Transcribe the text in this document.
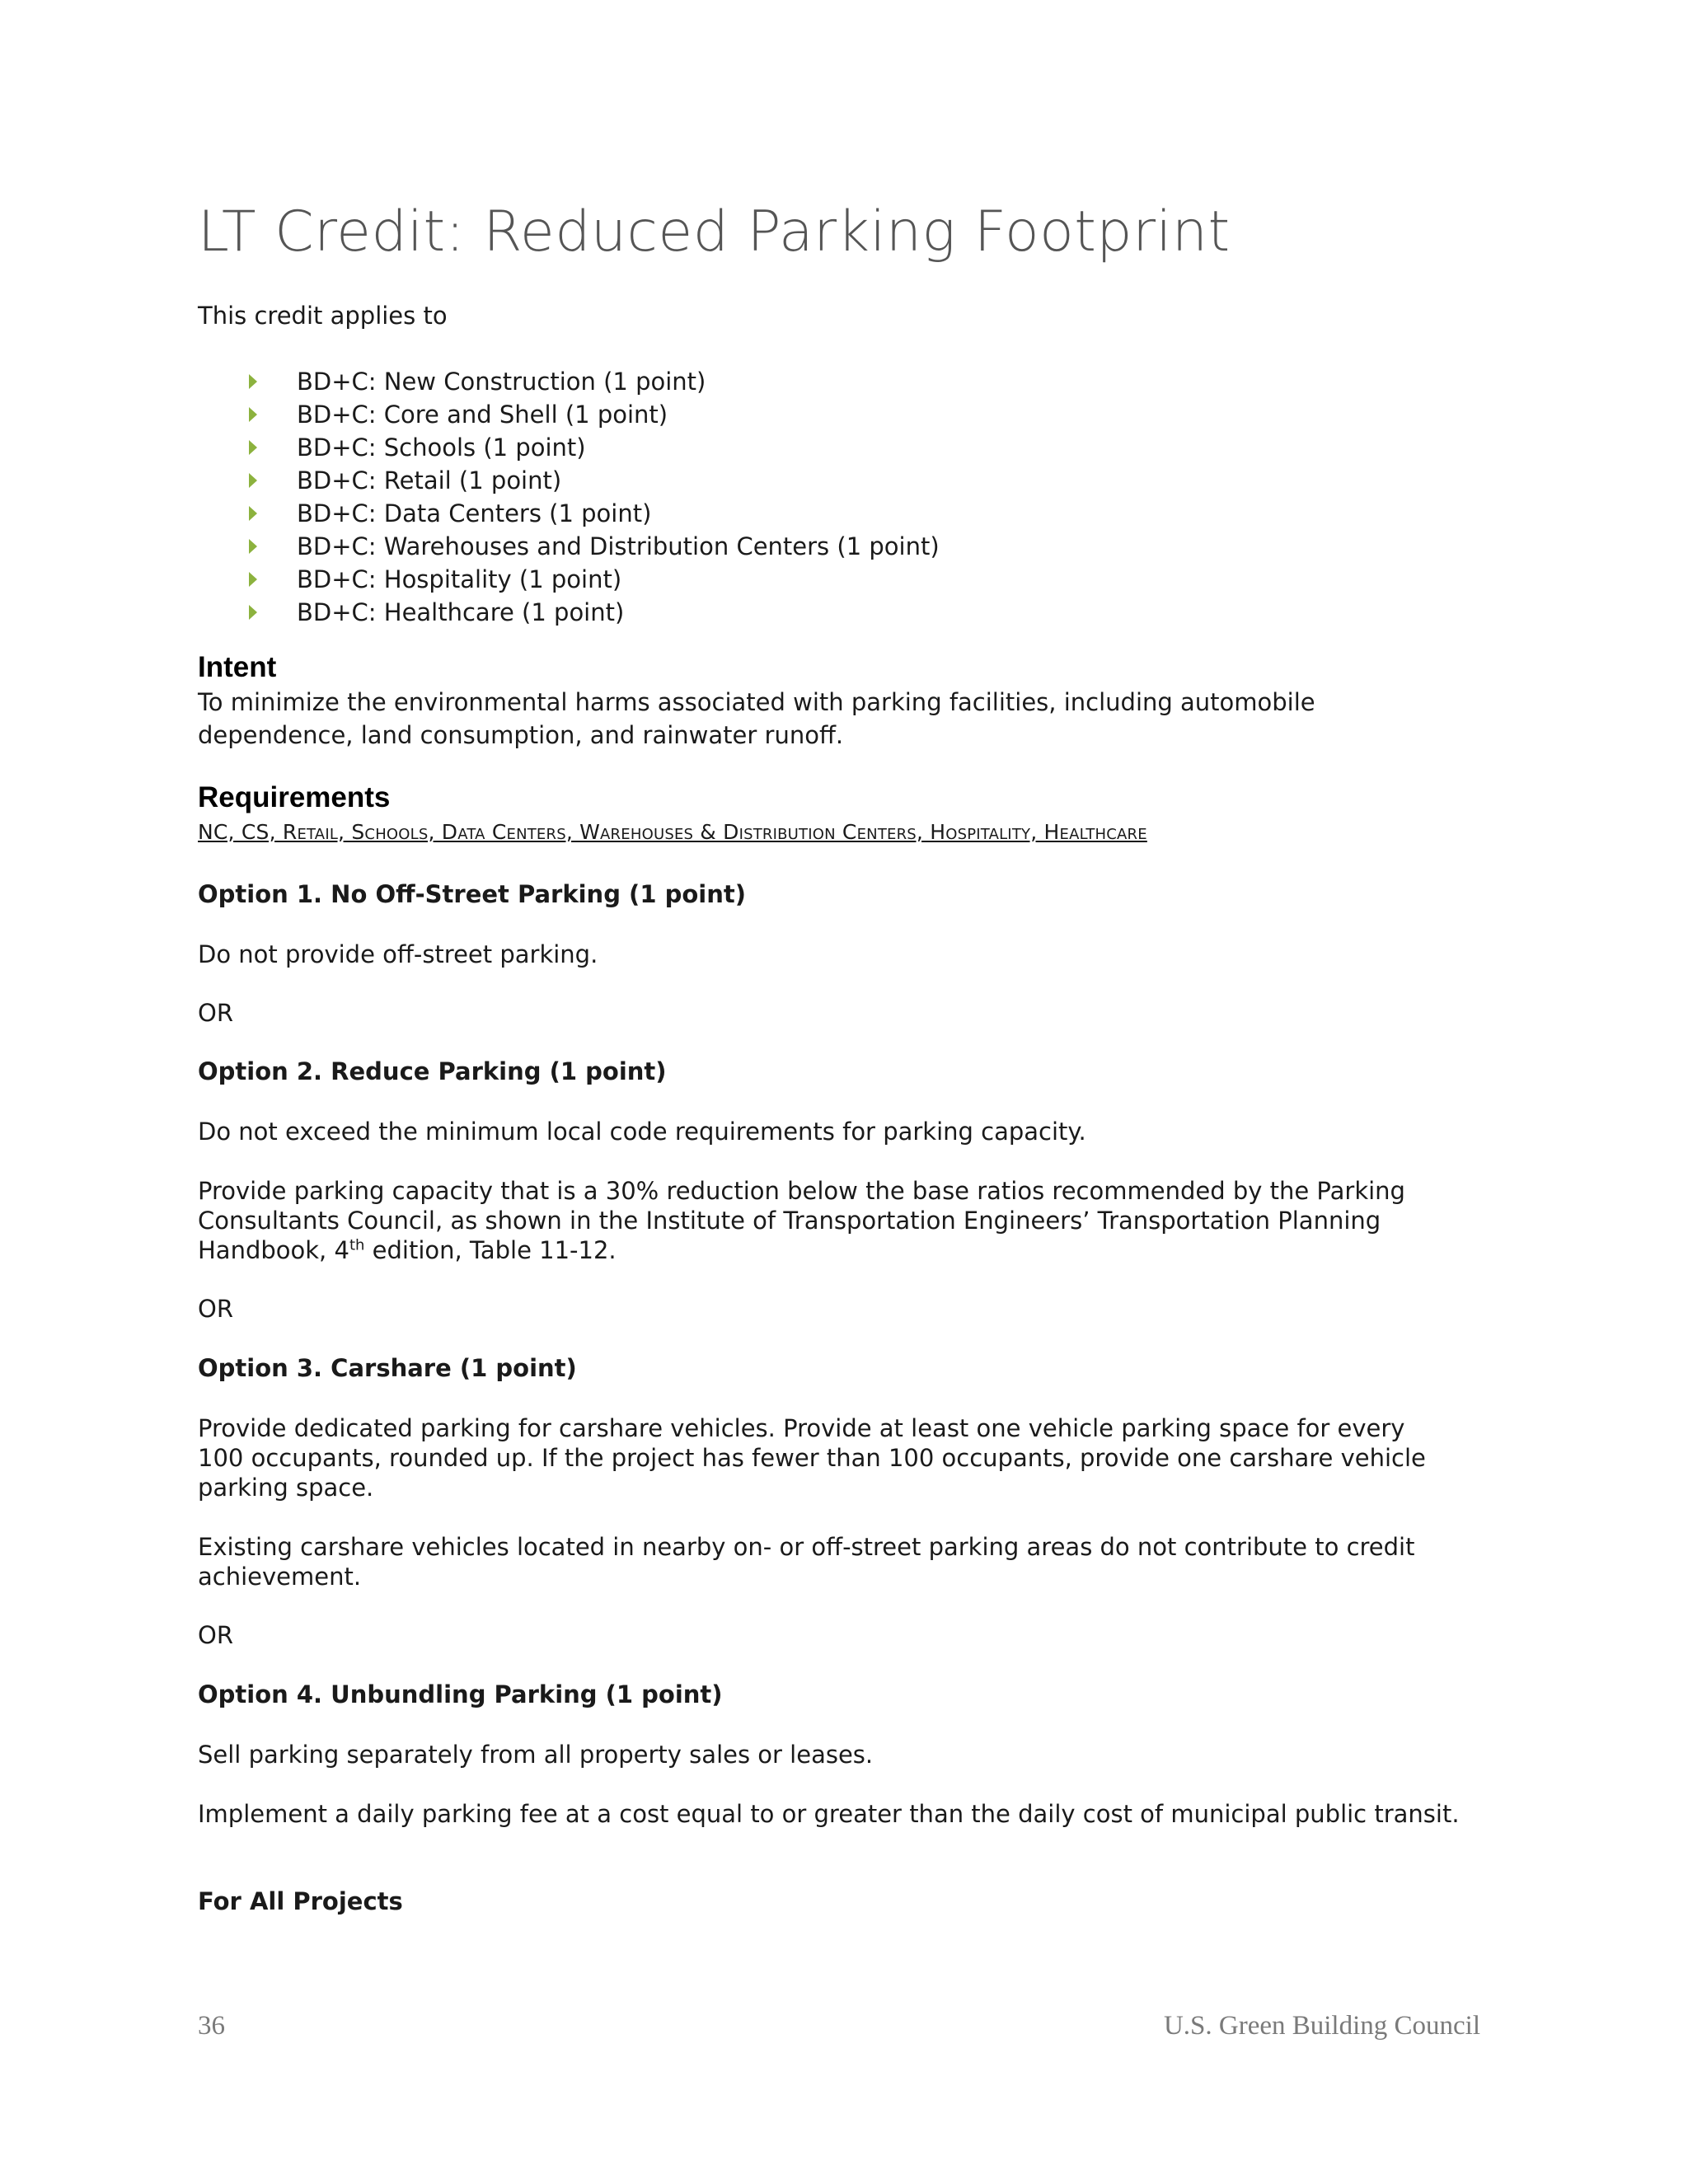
LT Credit: Reduced Parking Footprint
This credit applies to
BD+C: New Construction (1 point)
BD+C: Core and Shell (1 point)
BD+C: Schools (1 point)
BD+C: Retail (1 point)
BD+C: Data Centers (1 point)
BD+C: Warehouses and Distribution Centers (1 point)
BD+C: Hospitality (1 point)
BD+C: Healthcare (1 point)
Intent
To minimize the environmental harms associated with parking facilities, including automobile
dependence, land consumption, and rainwater runoff.
Requirements
NC, CS, Retail, Schools, Data Centers, Warehouses & Distribution Centers, Hospitality, Healthcare
Option 1. No Off-Street Parking (1 point)
Do not provide off-street parking.
OR
Option 2. Reduce Parking (1 point)
Do not exceed the minimum local code requirements for parking capacity.
Provide parking capacity that is a 30% reduction below the base ratios recommended by the Parking
Consultants Council, as shown in the Institute of Transportation Engineers’ Transportation Planning
Handbook, 4th edition, Table 11-12.
OR
Option 3. Carshare (1 point)
Provide dedicated parking for carshare vehicles. Provide at least one vehicle parking space for every
100 occupants, rounded up. If the project has fewer than 100 occupants, provide one carshare vehicle
parking space.
Existing carshare vehicles located in nearby on- or off-street parking areas do not contribute to credit
achievement.
OR
Option 4. Unbundling Parking (1 point)
Sell parking separately from all property sales or leases.
Implement a daily parking fee at a cost equal to or greater than the daily cost of municipal public transit.
For All Projects
36	U.S. Green Building Council
